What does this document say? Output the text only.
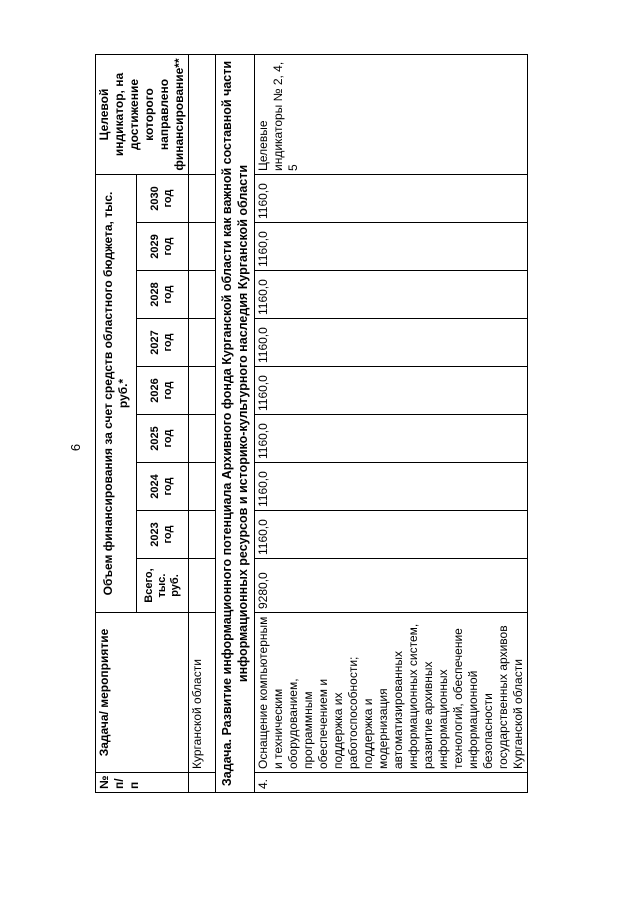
6
№ п/п	Задача/ мероприятие	Объем финансирования за счет средств областного бюджета, тыс. руб.*									Целевой индикатор, на достижение которого направлено финансирование**
		Всего, тыс. руб.	2023 год	2024 год	2025 год	2026 год	2027 год	2028 год	2029 год	2030 год	
	Курганской области										
Задача. Развитие информационного потенциала Архивного фонда Курганской области как важной составной части информационных ресурсов и историко-культурного наследия Курганской области											
4.	Оснащение компьютерным и техническим оборудованием, программным обеспечением и поддержка их работоспособности; поддержка и модернизация автоматизированных информационных систем, развитие архивных информационных технологий, обеспечение информационной безопасности государственных архивов Курганской области	9280,0	1160,0	1160,0	1160,0	1160,0	1160,0	1160,0	1160,0	1160,0	Целевые индикаторы № 2, 4, 5
